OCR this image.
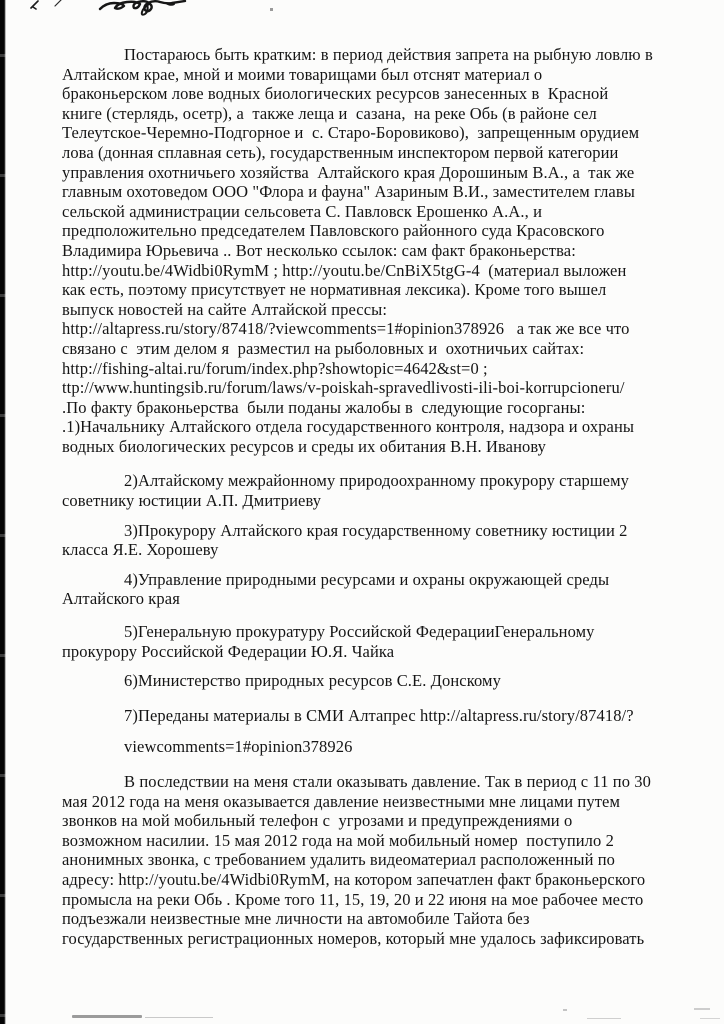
Постараюсь быть кратким: в период действия запрета на рыбную ловлю в
Алтайском крае, мной и моими товарищами был отснят материал о
браконьерском лове водных биологических ресурсов занесенных в  Красной
книге (стерлядь, осетр), а  также леща и  сазана,  на реке Обь (в районе сел
Телеутское-Черемно-Подгорное и  с. Старо-Боровиково),  запрещенным орудием
лова (донная сплавная сеть), государственным инспектором первой категории
управления охотничьего хозяйства  Алтайского края Дорошиным В.А., а  так же
главным охотоведом ООО "Флора и фауна" Азариным В.И., заместителем главы
сельской администрации сельсовета С. Павловск Ерошенко А.А., и
предположительно председателем Павловского районного суда Красовского
Владимира Юрьевича .. Вот несколько ссылок: сам факт браконьерства:
http://youtu.be/4Widbi0RymM ; http://youtu.be/CnBiX5tgG-4  (материал выложен
как есть, поэтому присутствует не нормативная лексика). Кроме того вышел
выпуск новостей на сайте Алтайской прессы:
http://altapress.ru/story/87418/?viewcomments=1#opinion378926   а так же все что
связано с  этим делом я  разместил на рыболовных и  охотничьих сайтах:
http://fishing-altai.ru/forum/index.php?showtopic=4642&st=0 ;
ttp://www.huntingsib.ru/forum/laws/v-poiskah-spravedlivosti-ili-boi-korrupcioneru/
.По факту браконьерства  были поданы жалобы в  следующие госорганы:
.1)Начальнику Алтайского отдела государственного контроля, надзора и охраны
водных биологических ресурсов и среды их обитания В.Н. Иванову
2)Алтайскому межрайонному природоохранному прокурору старшему
советнику юстиции А.П. Дмитриеву
3)Прокурору Алтайского края государственному советнику юстиции 2
класса Я.Е. Хорошеву
4)Управление природными ресурсами и охраны окружающей среды
Алтайского края
5)Генеральную прокуратуру Российской ФедерацииГенеральному
прокурору Российской Федерации Ю.Я. Чайка
6)Министерство природных ресурсов С.Е. Донскому
7)Переданы материалы в СМИ Алтапрес http://altapress.ru/story/87418/?
viewcomments=1#opinion378926
В последствии на меня стали оказывать давление. Так в период с 11 по 30
мая 2012 года на меня оказывается давление неизвестными мне лицами путем
звонков на мой мобильный телефон с  угрозами и предупреждениями о
возможном насилии. 15 мая 2012 года на мой мобильный номер  поступило 2
анонимных звонка, с требованием удалить видеоматериал расположенный по
адресу: http://youtu.be/4Widbi0RymM, на котором запечатлен факт браконьерского
промысла на реки Обь . Кроме того 11, 15, 19, 20 и 22 июня на мое рабочее место
подъезжали неизвестные мне личности на автомобиле Тайота без
государственных регистрационных номеров, который мне удалось зафиксировать
